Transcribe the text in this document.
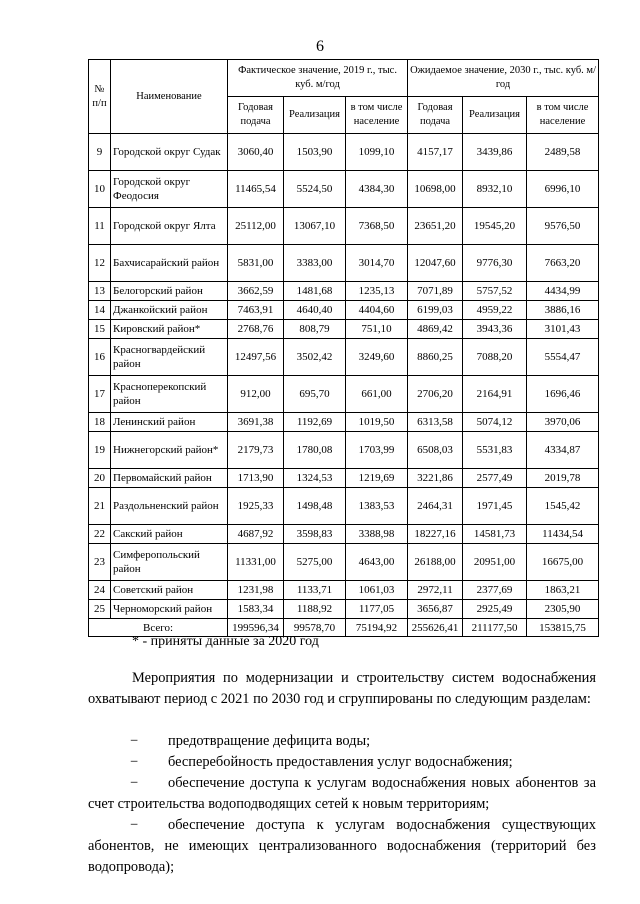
6
№ п/п	Наименование	Фактическое значение, 2019 г., тыс. куб. м/год			Ожидаемое значение, 2030 г., тыс. куб. м/год		
		Годовая подача	Реализация	в том числе население	Годовая подача	Реализация	в том числе население
9	Городской округ Судак	3060,40	1503,90	1099,10	4157,17	3439,86	2489,58
10	Городской округ Феодосия	11465,54	5524,50	4384,30	10698,00	8932,10	6996,10
11	Городской округ Ялта	25112,00	13067,10	7368,50	23651,20	19545,20	9576,50
12	Бахчисарайский район	5831,00	3383,00	3014,70	12047,60	9776,30	7663,20
13	Белогорский район	3662,59	1481,68	1235,13	7071,89	5757,52	4434,99
14	Джанкойский район	7463,91	4640,40	4404,60	6199,03	4959,22	3886,16
15	Кировский район*	2768,76	808,79	751,10	4869,42	3943,36	3101,43
16	Красногвардейский район	12497,56	3502,42	3249,60	8860,25	7088,20	5554,47
17	Красноперекопский район	912,00	695,70	661,00	2706,20	2164,91	1696,46
18	Ленинский район	3691,38	1192,69	1019,50	6313,58	5074,12	3970,06
19	Нижнегорский район*	2179,73	1780,08	1703,99	6508,03	5531,83	4334,87
20	Первомайский район	1713,90	1324,53	1219,69	3221,86	2577,49	2019,78
21	Раздольненский район	1925,33	1498,48	1383,53	2464,31	1971,45	1545,42
22	Сакский район	4687,92	3598,83	3388,98	18227,16	14581,73	11434,54
23	Симферопольский район	11331,00	5275,00	4643,00	26188,00	20951,00	16675,00
24	Советский район	1231,98	1133,71	1061,03	2972,11	2377,69	1863,21
25	Черноморский район	1583,34	1188,92	1177,05	3656,87	2925,49	2305,90
Всего:		199596,34	99578,70	75194,92	255626,41	211177,50	153815,75
* - приняты данные за 2020 год
Мероприятия по модернизации и строительству систем водоснабжения охватывают период с 2021 по 2030 год и сгруппированы по следующим разделам:
−	предотвращение дефицита воды;
−	бесперебойность предоставления услуг водоснабжения;
−	обеспечение доступа к услугам водоснабжения новых абонентов за счет строительства водоподводящих сетей к новым территориям;
−	обеспечение доступа к услугам водоснабжения существующих абонентов, не имеющих централизованного водоснабжения (территорий без водопровода);
